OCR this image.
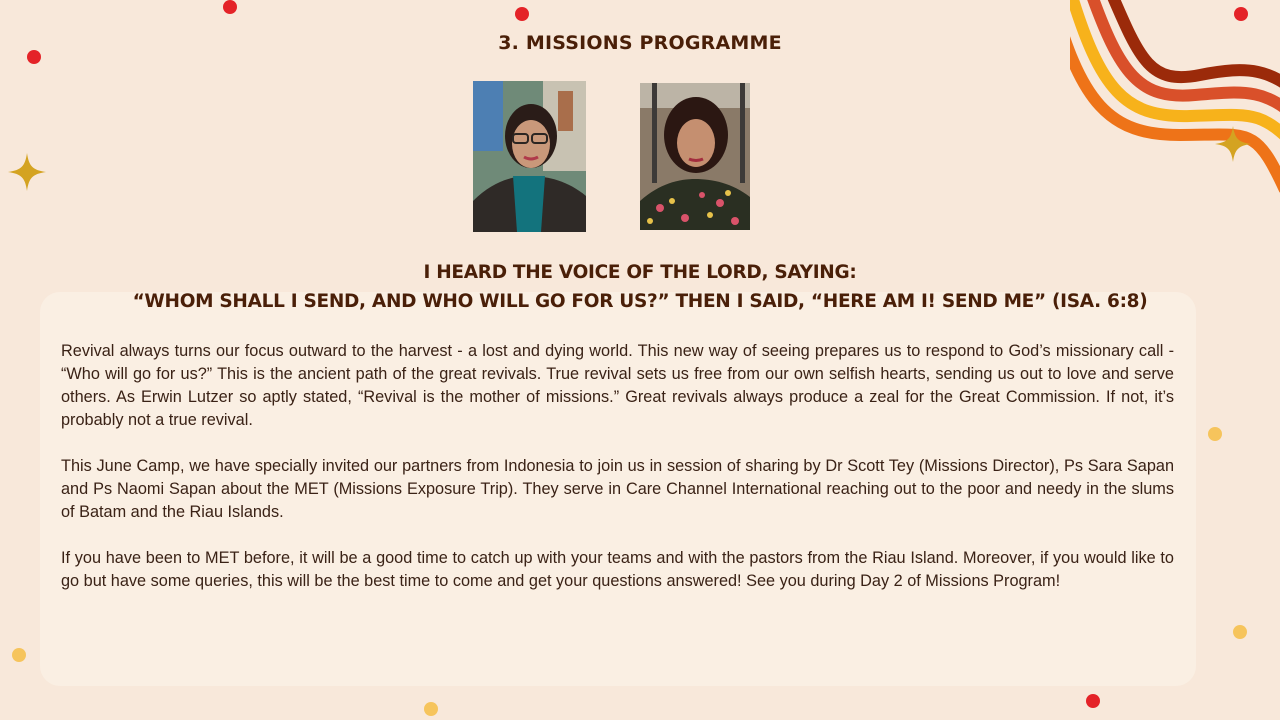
3. MISSIONS PROGRAMME
I HEARD THE VOICE OF THE LORD, SAYING:
“WHOM SHALL I SEND, AND WHO WILL GO FOR US?” THEN I SAID, “HERE AM I! SEND ME” (ISA. 6:8)

Revival always turns our focus outward to the harvest - a lost and dying world. This new way of seeing prepares us to respond to God’s missionary call - “Who will go for us?” This is the ancient path of the great revivals. True revival sets us free from our own selfish hearts, sending us out to love and serve others. As Erwin Lutzer so aptly stated, “Revival is the mother of missions.” Great revivals always produce a zeal for the Great Commission. If not, it’s probably not a true revival.

This June Camp, we have specially invited our partners from Indonesia to join us in session of sharing by Dr Scott Tey (Missions Director), Ps Sara Sapan and Ps Naomi Sapan about the MET (Missions Exposure Trip). They serve in Care Channel International reaching out to the poor and needy in the slums of Batam and the Riau Islands.

If you have been to MET before, it will be a good time to catch up with your teams and with the pastors from the Riau Island. Moreover, if you would like to go but have some queries, this will be the best time to come and get your questions answered! See you during Day 2 of Missions Program!
